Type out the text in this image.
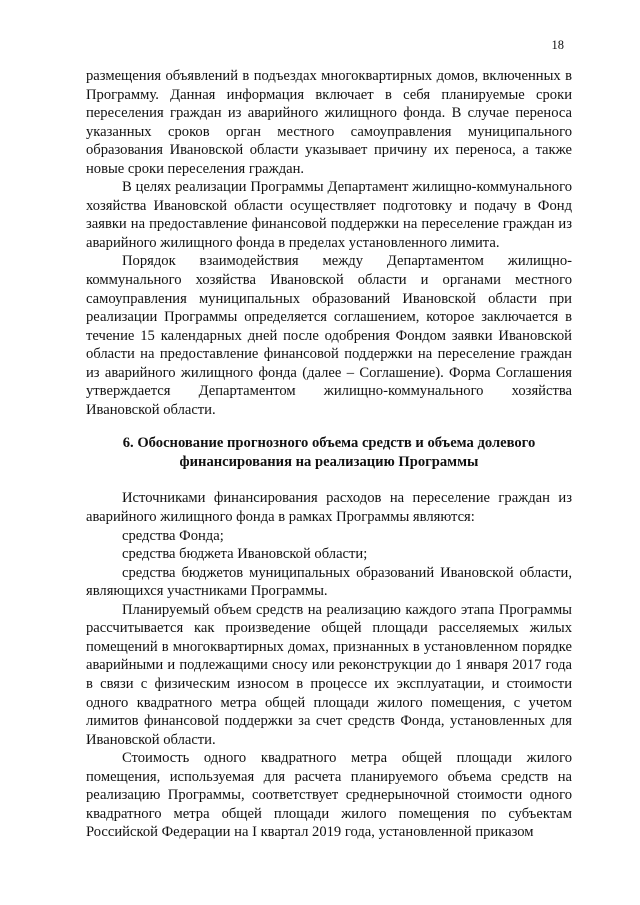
18

размещения объявлений в подъездах многоквартирных домов, включенных в Программу. Данная информация включает в себя планируемые сроки переселения граждан из аварийного жилищного фонда. В случае переноса указанных сроков орган местного самоуправления муниципального образования Ивановской области указывает причину их переноса, а также новые сроки переселения граждан.

В целях реализации Программы Департамент жилищно-коммунального хозяйства Ивановской области осуществляет подготовку и подачу в Фонд заявки на предоставление финансовой поддержки на переселение граждан из аварийного жилищного фонда в пределах установленного лимита.

Порядок взаимодействия между Департаментом жилищно-коммунального хозяйства Ивановской области и органами местного самоуправления муниципальных образований Ивановской области при реализации Программы определяется соглашением, которое заключается в течение 15 календарных дней после одобрения Фондом заявки Ивановской области на предоставление финансовой поддержки на переселение граждан из аварийного жилищного фонда (далее – Соглашение). Форма Соглашения утверждается Департаментом жилищно-коммунального хозяйства Ивановской области.

6. Обоснование прогнозного объема средств и объема долевого финансирования на реализацию Программы

Источниками финансирования расходов на переселение граждан из аварийного жилищного фонда в рамках Программы являются:

средства Фонда;

средства бюджета Ивановской области;

средства бюджетов муниципальных образований Ивановской области, являющихся участниками Программы.

Планируемый объем средств на реализацию каждого этапа Программы рассчитывается как произведение общей площади расселяемых жилых помещений в многоквартирных домах, признанных в установленном порядке аварийными и подлежащими сносу или реконструкции до 1 января 2017 года в связи с физическим износом в процессе их эксплуатации, и стоимости одного квадратного метра общей площади жилого помещения, с учетом лимитов финансовой поддержки за счет средств Фонда, установленных для Ивановской области.

Стоимость одного квадратного метра общей площади жилого помещения, используемая для расчета планируемого объема средств на реализацию Программы, соответствует среднерыночной стоимости одного квадратного метра общей площади жилого помещения по субъектам Российской Федерации на I квартал 2019 года, установленной приказом
